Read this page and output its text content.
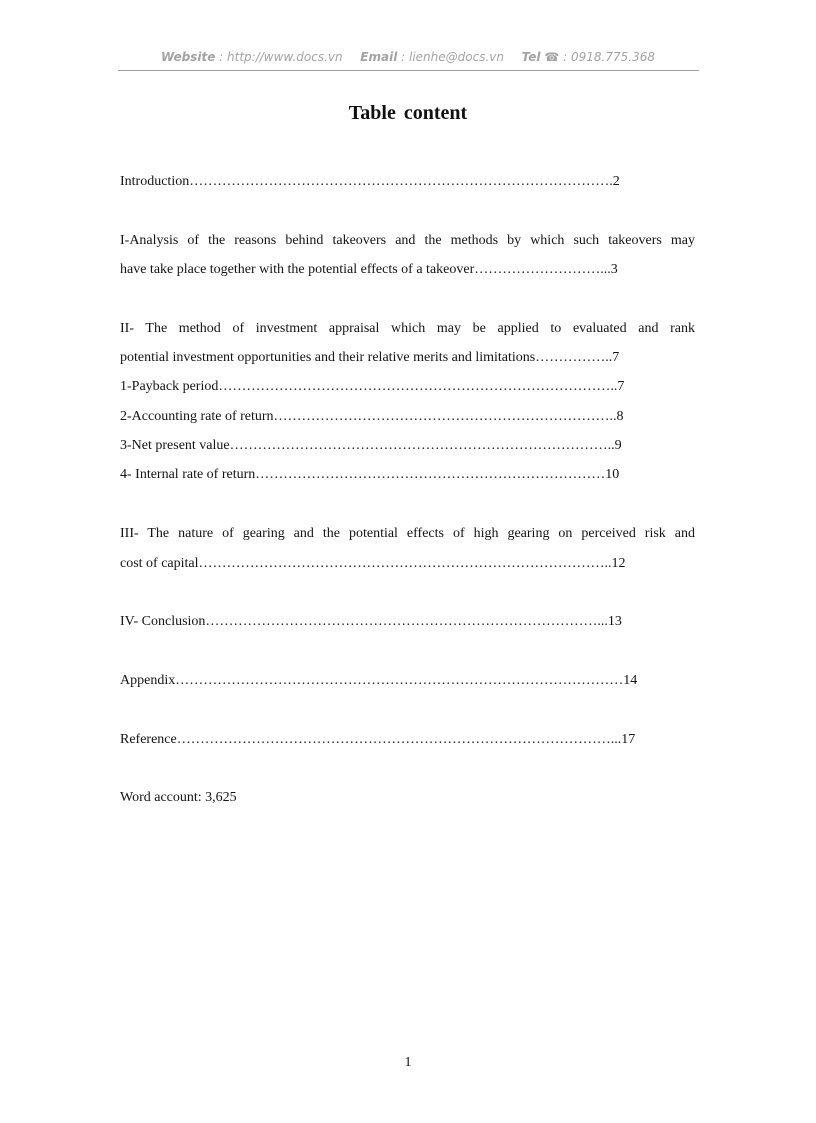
Website : http://www.docs.vn Email : lienhe@docs.vn Tel ☎ : 0918.775.368
Table content
Introduction……………………………………………………………………………….2
I-Analysis of the reasons behind takeovers and the methods by which such takeovers may
have take place together with the potential effects of a takeover………………………...3
II- The method of investment appraisal which may be applied to evaluated and rank
potential investment opportunities and their relative merits and limitations……………..7
1-Payback period…………………………………………………………………………..7
2-Accounting rate of return………………………………………………………………..8
3-Net present value………………………………………………………………………..9
4- Internal rate of return…………………………………………………………………10
III- The nature of gearing and the potential effects of high gearing on perceived risk and
cost of capital……………………………………………………………………………..12
IV- Conclusion…………………………………………………………………………...13
Appendix……………………………………………………………………………………14
Reference…………………………………………………………………………………...17
Word account: 3,625
1
